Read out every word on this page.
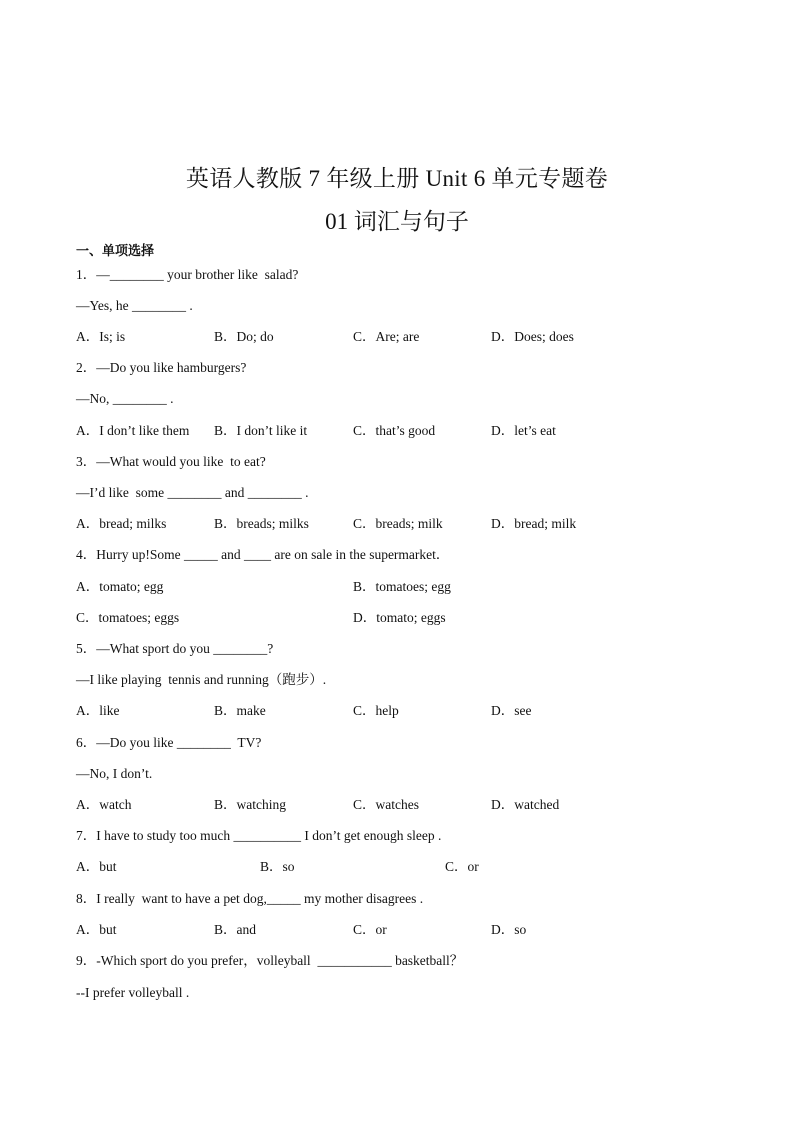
英语人教版 7 年级上册 Unit 6 单元专题卷
01 词汇与句子
一、单项选择
1．—________ your brother like  salad?
—Yes, he ________ .
A．Is; is	B．Do; do	C．Are; are	D．Does; does
2．—Do you like hamburgers?
—No, ________ .
A．I don’t like them B．I don’t like it	C．that’s good	D．let’s eat
3．—What would you like  to eat?
—I’d like  some ________ and ________ .
A．bread; milks	B．breads; milks	C．breads; milk	D．bread; milk
4．Hurry up!Some _____ and ____ are on sale in the supermarket．
A．tomato; egg	B．tomatoes; egg
C．tomatoes; eggs	D．tomato; eggs
5．—What sport do you ________?
—I like playing  tennis and running（跑步）.
A．like	B．make	C．help	D．see
6．—Do you like ________  TV?
—No, I don’t.
A．watch	B．watching	C．watches	D．watched
7．I have to study too much __________ I don’t get enough sleep .
A．but	B．so	C．or
8．I really  want to have a pet dog,_____ my mother disagrees .
A．but	B．and	C．or	D．so
9．-Which sport do you prefer，volleyball  ___________ basketball？
--I prefer volleyball .
